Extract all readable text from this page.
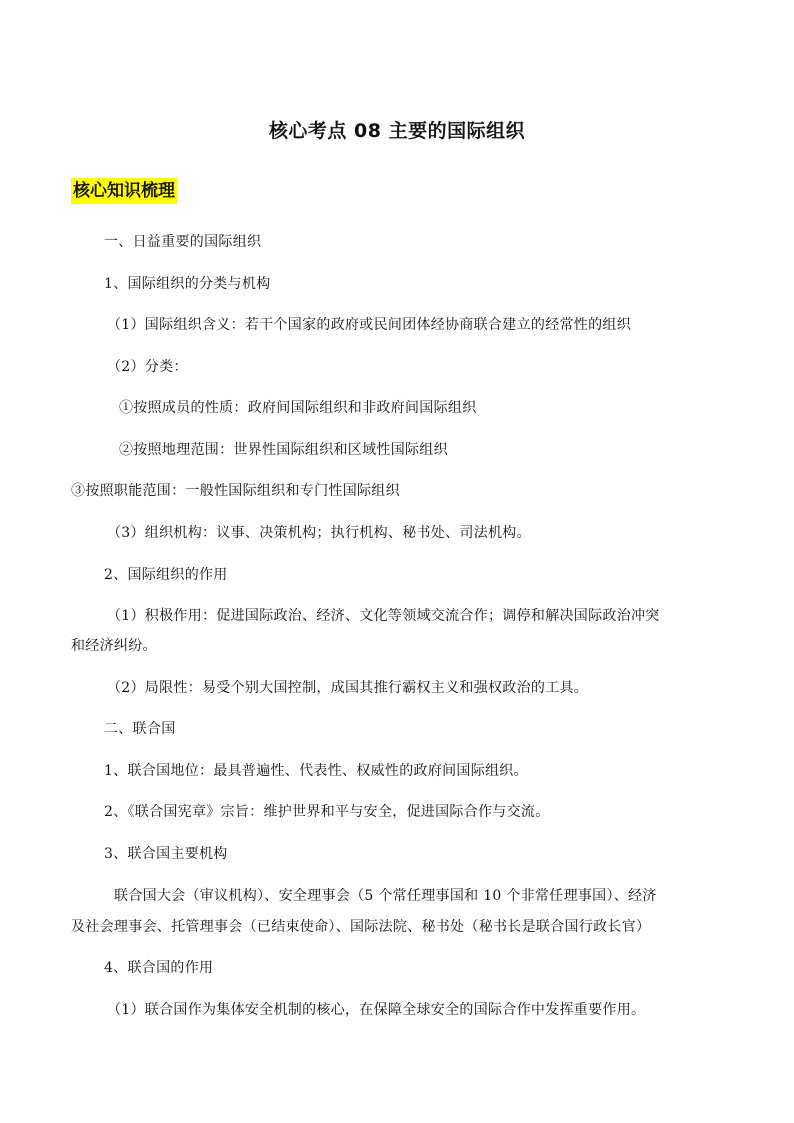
核心考点 08 主要的国际组织
核心知识梳理
一、日益重要的国际组织
1、国际组织的分类与机构
（1）国际组织含义：若干个国家的政府或民间团体经协商联合建立的经常性的组织
（2）分类：
①按照成员的性质：政府间国际组织和非政府间国际组织
②按照地理范围：世界性国际组织和区域性国际组织
③按照职能范围：一般性国际组织和专门性国际组织
（3）组织机构：议事、决策机构；执行机构、秘书处、司法机构。
2、国际组织的作用
（1）积极作用：促进国际政治、经济、文化等领域交流合作；调停和解决国际政治冲突
和经济纠纷。
（2）局限性：易受个别大国控制，成国其推行霸权主义和强权政治的工具。
二、联合国
1、联合国地位：最具普遍性、代表性、权威性的政府间国际组织。
2、《联合国宪章》宗旨：维护世界和平与安全，促进国际合作与交流。
3、联合国主要机构
联合国大会（审议机构）、安全理事会（5 个常任理事国和 10 个非常任理事国）、经济
及社会理事会、托管理事会（已结束使命）、国际法院、秘书处（秘书长是联合国行政长官）
4、联合国的作用
（1）联合国作为集体安全机制的核心，在保障全球安全的国际合作中发挥重要作用。
